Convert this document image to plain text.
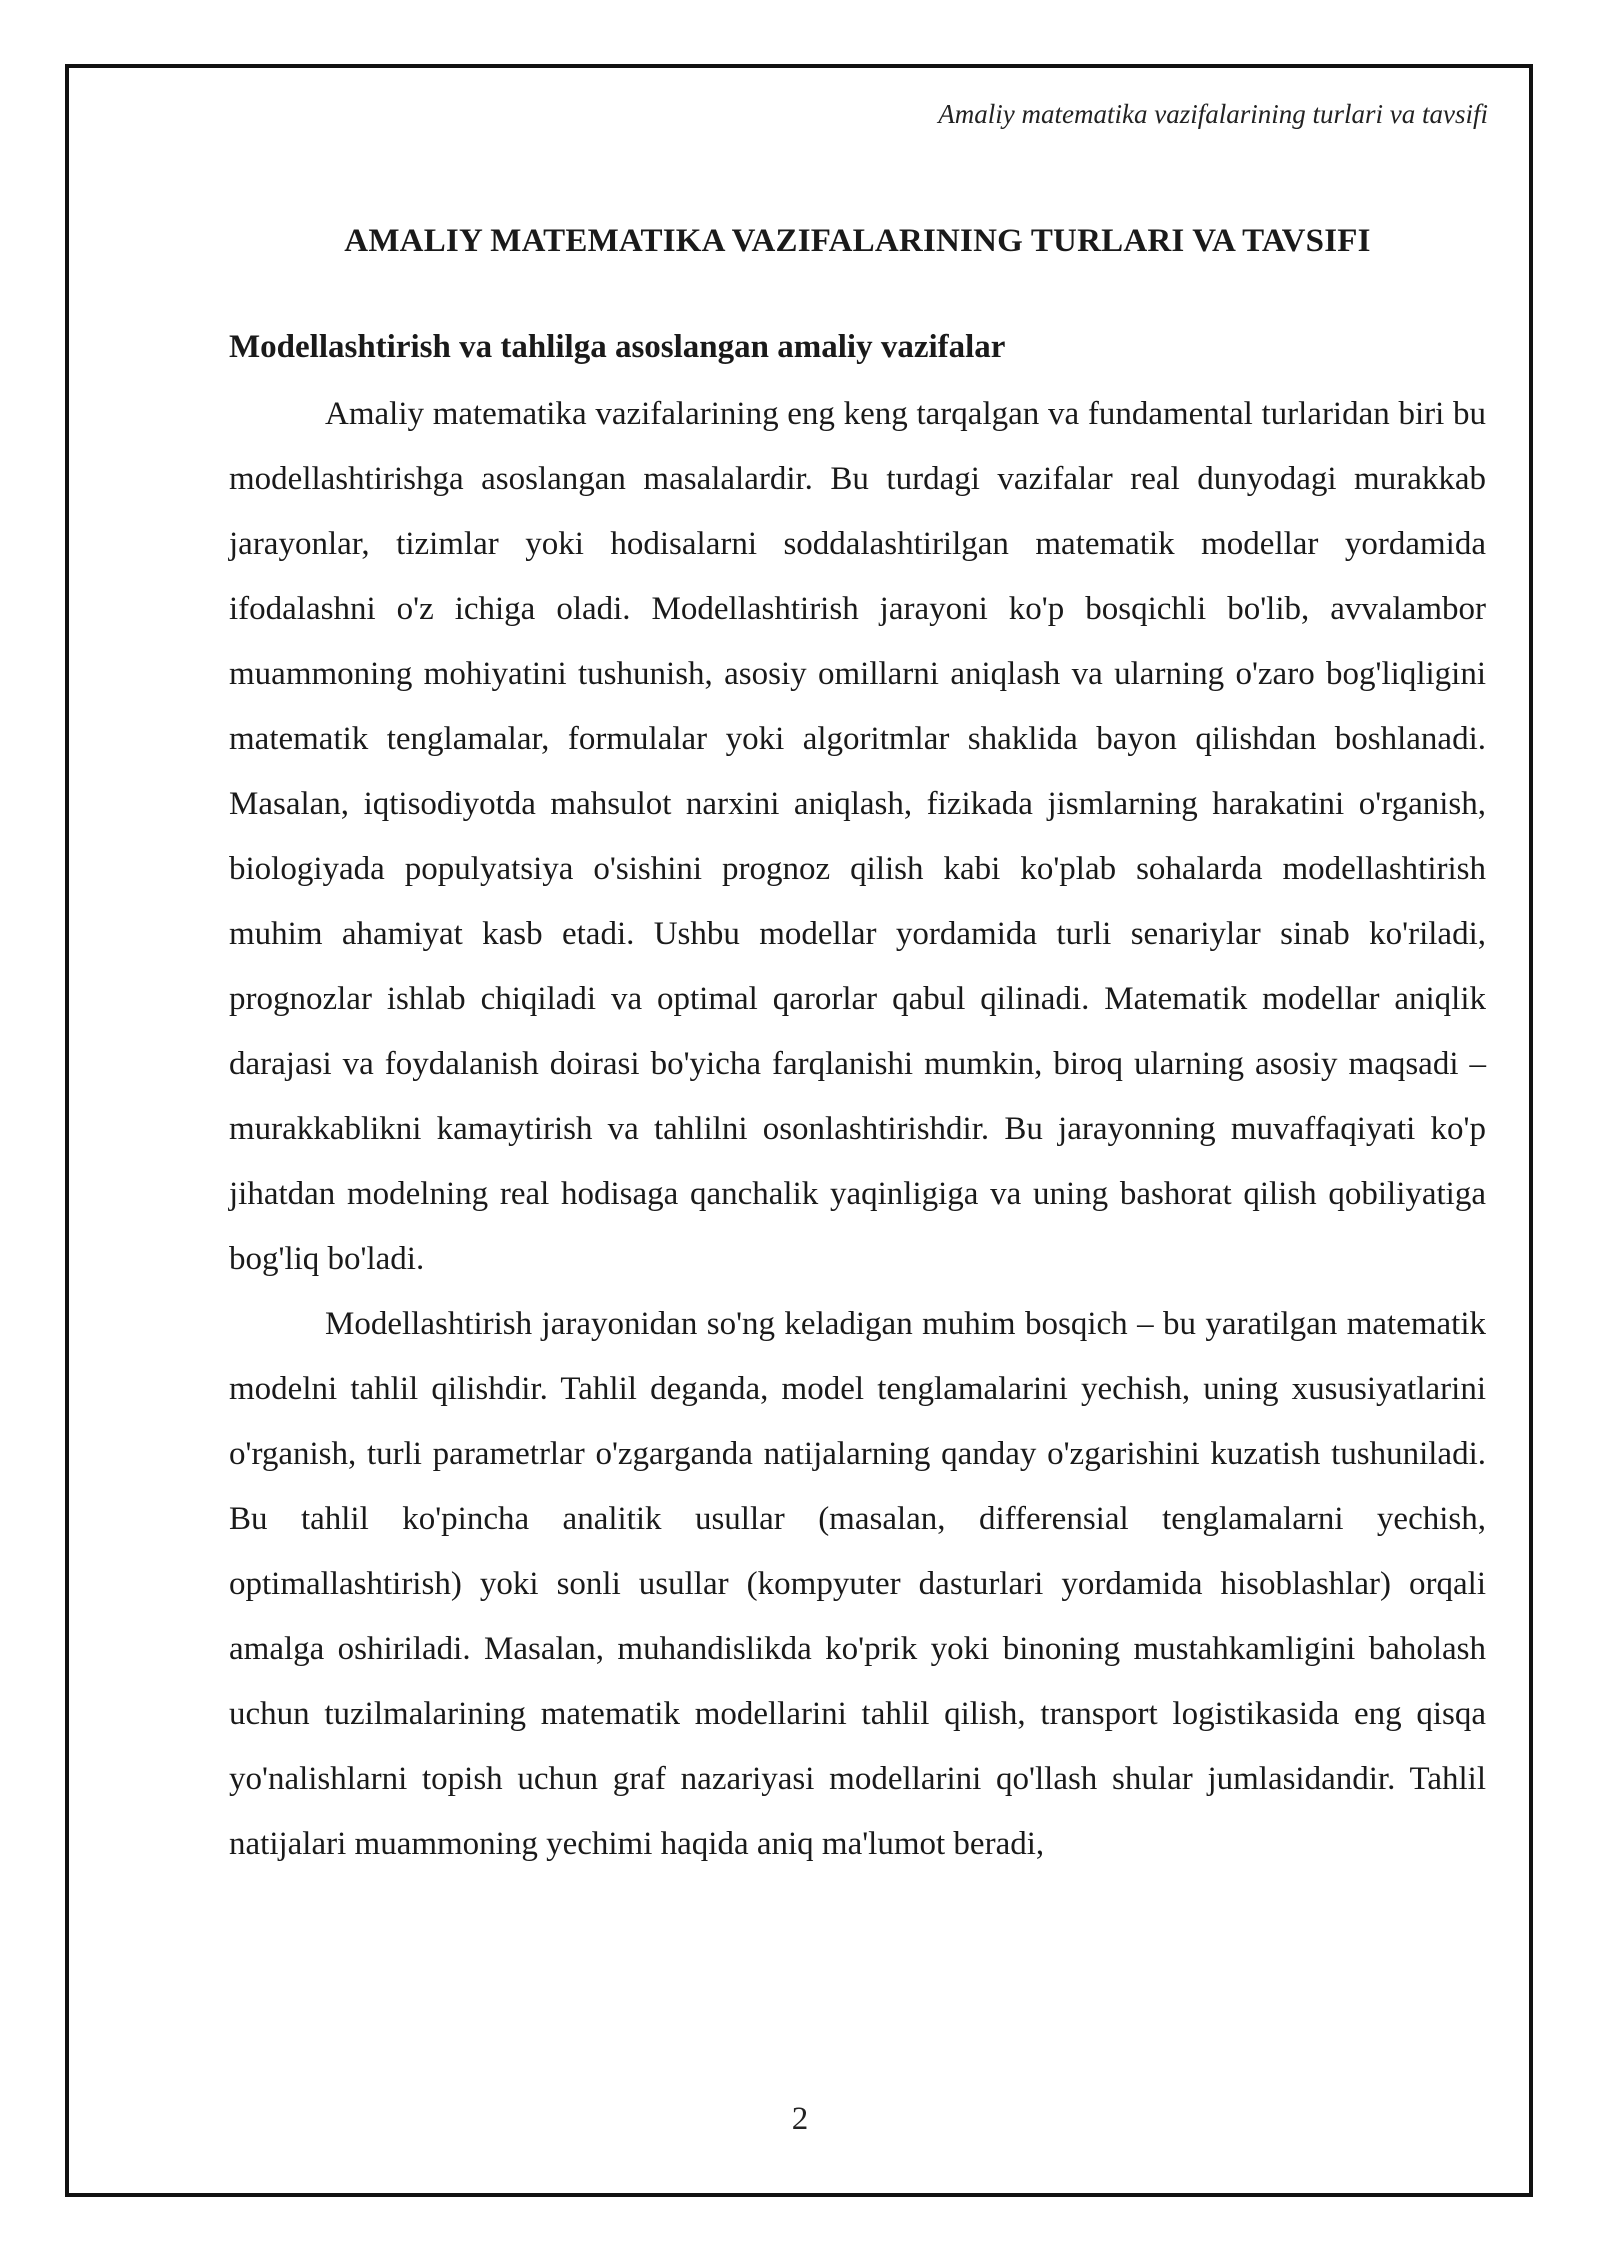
Amaliy matematika vazifalarining turlari va tavsifi
AMALIY MATEMATIKA VAZIFALARINING TURLARI VA TAVSIFI
Modellashtirish va tahlilga asoslangan amaliy vazifalar

Amaliy matematika vazifalarining eng keng tarqalgan va fundamental turlaridan biri bu modellashtirishga asoslangan masalalardir. Bu turdagi vazifalar real dunyodagi murakkab jarayonlar, tizimlar yoki hodisalarni soddalashtirilgan matematik modellar yordamida ifodalashni o'z ichiga oladi. Modellashtirish jarayoni ko'p bosqichli bo'lib, avvalambor muammoning mohiyatini tushunish, asosiy omillarni aniqlash va ularning o'zaro bog'liqligini matematik tenglamalar, formulalar yoki algoritmlar shaklida bayon qilishdan boshlanadi. Masalan, iqtisodiyotda mahsulot narxini aniqlash, fizikada jismlarning harakatini o'rganish, biologiyada populyatsiya o'sishini prognoz qilish kabi ko'plab sohalarda modellashtirish muhim ahamiyat kasb etadi. Ushbu modellar yordamida turli senariylar sinab ko'riladi, prognozlar ishlab chiqiladi va optimal qarorlar qabul qilinadi. Matematik modellar aniqlik darajasi va foydalanish doirasi bo'yicha farqlanishi mumkin, biroq ularning asosiy maqsadi – murakkablikni kamaytirish va tahlilni osonlashtirishdir. Bu jarayonning muvaffaqiyati ko'p jihatdan modelning real hodisaga qanchalik yaqinligiga va uning bashorat qilish qobiliyatiga bog'liq bo'ladi.

Modellashtirish jarayonidan so'ng keladigan muhim bosqich – bu yaratilgan matematik modelni tahlil qilishdir. Tahlil deganda, model tenglamalarini yechish, uning xususiyatlarini o'rganish, turli parametrlar o'zgarganda natijalarning qanday o'zgarishini kuzatish tushuniladi. Bu tahlil ko'pincha analitik usullar (masalan, differensial tenglamalarni yechish, optimallashtirish) yoki sonli usullar (kompyuter dasturlari yordamida hisoblashlar) orqali amalga oshiriladi. Masalan, muhandislikda ko'prik yoki binoning mustahkamligini baholash uchun tuzilmalarining matematik modellarini tahlil qilish, transport logistikasida eng qisqa yo'nalishlarni topish uchun graf nazariyasi modellarini qo'llash shular jumlasidandir. Tahlil natijalari muammoning yechimi haqida aniq ma'lumot beradi,

2
